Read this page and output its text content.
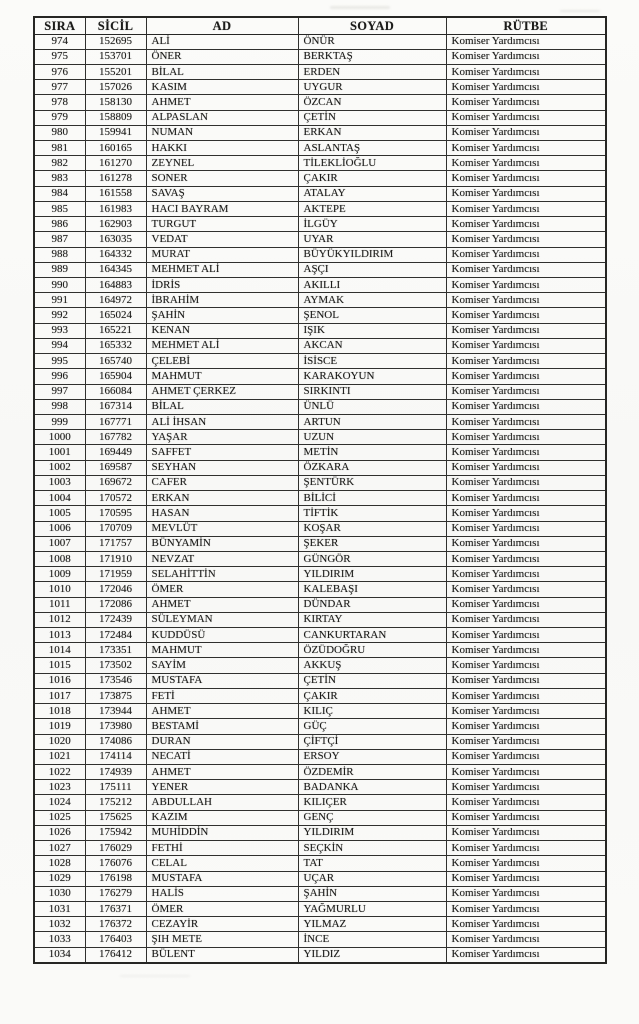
SIRA	SİCİL	AD	SOYAD	RÜTBE
974	152695	ALİ	ÖNÜR	Komiser Yardımcısı
975	153701	ÖNER	BERKTAŞ	Komiser Yardımcısı
976	155201	BİLAL	ERDEN	Komiser Yardımcısı
977	157026	KASIM	UYGUR	Komiser Yardımcısı
978	158130	AHMET	ÖZCAN	Komiser Yardımcısı
979	158809	ALPASLAN	ÇETİN	Komiser Yardımcısı
980	159941	NUMAN	ERKAN	Komiser Yardımcısı
981	160165	HAKKI	ASLANTAŞ	Komiser Yardımcısı
982	161270	ZEYNEL	TİLEKLİOĞLU	Komiser Yardımcısı
983	161278	SONER	ÇAKIR	Komiser Yardımcısı
984	161558	SAVAŞ	ATALAY	Komiser Yardımcısı
985	161983	HACI BAYRAM	AKTEPE	Komiser Yardımcısı
986	162903	TURGUT	İLGÜY	Komiser Yardımcısı
987	163035	VEDAT	UYAR	Komiser Yardımcısı
988	164332	MURAT	BÜYÜKYILDIRIM	Komiser Yardımcısı
989	164345	MEHMET ALİ	AŞÇI	Komiser Yardımcısı
990	164883	İDRİS	AKILLI	Komiser Yardımcısı
991	164972	İBRAHİM	AYMAK	Komiser Yardımcısı
992	165024	ŞAHİN	ŞENOL	Komiser Yardımcısı
993	165221	KENAN	IŞIK	Komiser Yardımcısı
994	165332	MEHMET ALİ	AKCAN	Komiser Yardımcısı
995	165740	ÇELEBİ	İSİSCE	Komiser Yardımcısı
996	165904	MAHMUT	KARAKOYUN	Komiser Yardımcısı
997	166084	AHMET ÇERKEZ	SIRKINTI	Komiser Yardımcısı
998	167314	BİLAL	ÜNLÜ	Komiser Yardımcısı
999	167771	ALİ İHSAN	ARTUN	Komiser Yardımcısı
1000	167782	YAŞAR	UZUN	Komiser Yardımcısı
1001	169449	SAFFET	METİN	Komiser Yardımcısı
1002	169587	SEYHAN	ÖZKARA	Komiser Yardımcısı
1003	169672	CAFER	ŞENTÜRK	Komiser Yardımcısı
1004	170572	ERKAN	BİLİCİ	Komiser Yardımcısı
1005	170595	HASAN	TİFTİK	Komiser Yardımcısı
1006	170709	MEVLÜT	KOŞAR	Komiser Yardımcısı
1007	171757	BÜNYAMİN	ŞEKER	Komiser Yardımcısı
1008	171910	NEVZAT	GÜNGÖR	Komiser Yardımcısı
1009	171959	SELAHİTTİN	YILDIRIM	Komiser Yardımcısı
1010	172046	ÖMER	KALEBAŞI	Komiser Yardımcısı
1011	172086	AHMET	DÜNDAR	Komiser Yardımcısı
1012	172439	SÜLEYMAN	KIRTAY	Komiser Yardımcısı
1013	172484	KUDDÜSÜ	CANKURTARAN	Komiser Yardımcısı
1014	173351	MAHMUT	ÖZÜDOĞRU	Komiser Yardımcısı
1015	173502	SAYİM	AKKUŞ	Komiser Yardımcısı
1016	173546	MUSTAFA	ÇETİN	Komiser Yardımcısı
1017	173875	FETİ	ÇAKIR	Komiser Yardımcısı
1018	173944	AHMET	KILIÇ	Komiser Yardımcısı
1019	173980	BESTAMİ	GÜÇ	Komiser Yardımcısı
1020	174086	DURAN	ÇİFTÇİ	Komiser Yardımcısı
1021	174114	NECATİ	ERSOY	Komiser Yardımcısı
1022	174939	AHMET	ÖZDEMİR	Komiser Yardımcısı
1023	175111	YENER	BADANKA	Komiser Yardımcısı
1024	175212	ABDULLAH	KILIÇER	Komiser Yardımcısı
1025	175625	KAZIM	GENÇ	Komiser Yardımcısı
1026	175942	MUHİDDİN	YILDIRIM	Komiser Yardımcısı
1027	176029	FETHİ	SEÇKİN	Komiser Yardımcısı
1028	176076	CELAL	TAT	Komiser Yardımcısı
1029	176198	MUSTAFA	UÇAR	Komiser Yardımcısı
1030	176279	HALİS	ŞAHİN	Komiser Yardımcısı
1031	176371	ÖMER	YAĞMURLU	Komiser Yardımcısı
1032	176372	CEZAYİR	YILMAZ	Komiser Yardımcısı
1033	176403	ŞIH METE	İNCE	Komiser Yardımcısı
1034	176412	BÜLENT	YILDIZ	Komiser Yardımcısı
